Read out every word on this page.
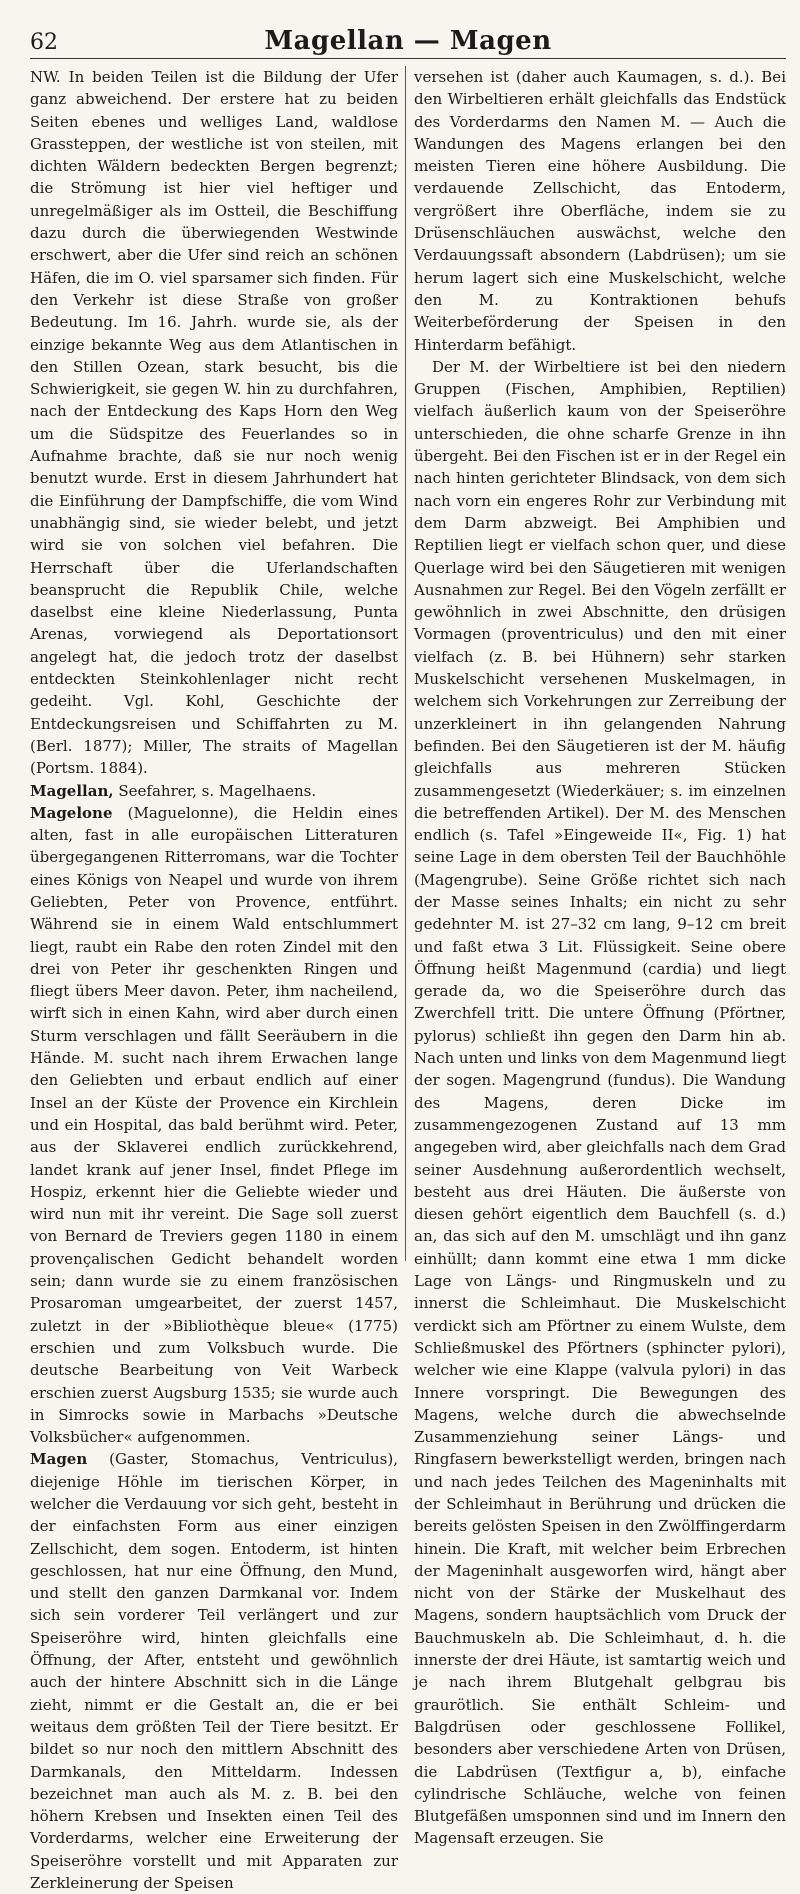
62	Magellan — Magen

NW. In beiden Teilen ist die Bildung der Ufer ganz abweichend. Der erstere hat zu beiden Seiten ebenes und welliges Land, waldlose Grassteppen, der westliche ist von steilen, mit dichten Wäldern bedeckten Bergen begrenzt; die Strömung ist hier viel heftiger und unregelmäßiger als im Ostteil, die Beschiffung dazu durch die überwiegenden Westwinde erschwert, aber die Ufer sind reich an schönen Häfen, die im O. viel sparsamer sich finden. Für den Verkehr ist diese Straße von großer Bedeutung. Im 16. Jahrh. wurde sie, als der einzige bekannte Weg aus dem Atlantischen in den Stillen Ozean, stark besucht, bis die Schwierigkeit, sie gegen W. hin zu durchfahren, nach der Entdeckung des Kaps Horn den Weg um die Südspitze des Feuerlandes so in Aufnahme brachte, daß sie nur noch wenig benutzt wurde. Erst in diesem Jahrhundert hat die Einführung der Dampfschiffe, die vom Wind unabhängig sind, sie wieder belebt, und jetzt wird sie von solchen viel befahren. Die Herrschaft über die Uferlandschaften beansprucht die Republik Chile, welche daselbst eine kleine Niederlassung, Punta Arenas, vorwiegend als Deportationsort angelegt hat, die jedoch trotz der daselbst entdeckten Steinkohlenlager nicht recht gedeiht. Vgl. Kohl, Geschichte der Entdeckungsreisen und Schiffahrten zu M. (Berl. 1877); Miller, The straits of Magellan (Portsm. 1884).

Magellan, Seefahrer, s. Magelhaens.

Magelone (Maguelonne), die Heldin eines alten, fast in alle europäischen Litteraturen übergegangenen Ritterromans, war die Tochter eines Königs von Neapel und wurde von ihrem Geliebten, Peter von Provence, entführt. Während sie in einem Wald entschlummert liegt, raubt ein Rabe den roten Zindel mit den drei von Peter ihr geschenkten Ringen und fliegt übers Meer davon. Peter, ihm nacheilend, wirft sich in einen Kahn, wird aber durch einen Sturm verschlagen und fällt Seeräubern in die Hände. M. sucht nach ihrem Erwachen lange den Geliebten und erbaut endlich auf einer Insel an der Küste der Provence ein Kirchlein und ein Hospital, das bald berühmt wird. Peter, aus der Sklaverei endlich zurückkehrend, landet krank auf jener Insel, findet Pflege im Hospiz, erkennt hier die Geliebte wieder und wird nun mit ihr vereint. Die Sage soll zuerst von Bernard de Treviers gegen 1180 in einem provençalischen Gedicht behandelt worden sein; dann wurde sie zu einem französischen Prosaroman umgearbeitet, der zuerst 1457, zuletzt in der »Bibliothèque bleue« (1775) erschien und zum Volksbuch wurde. Die deutsche Bearbeitung von Veit Warbeck erschien zuerst Augsburg 1535; sie wurde auch in Simrocks sowie in Marbachs »Deutsche Volksbücher« aufgenommen.

Magen (Gaster, Stomachus, Ventriculus), diejenige Höhle im tierischen Körper, in welcher die Verdauung vor sich geht, besteht in der einfachsten Form aus einer einzigen Zellschicht, dem sogen. Entoderm, ist hinten geschlossen, hat nur eine Öffnung, den Mund, und stellt den ganzen Darmkanal vor. Indem sich sein vorderer Teil verlängert und zur Speiseröhre wird, hinten gleichfalls eine Öffnung, der After, entsteht und gewöhnlich auch der hintere Abschnitt sich in die Länge zieht, nimmt er die Gestalt an, die er bei weitaus dem größten Teil der Tiere besitzt. Er bildet so nur noch den mittlern Abschnitt des Darmkanals, den Mitteldarm. Indessen bezeichnet man auch als M. z. B. bei den höhern Krebsen und Insekten einen Teil des Vorderdarms, welcher eine Erweiterung der Speiseröhre vorstellt und mit Apparaten zur Zerkleinerung der Speisen

versehen ist (daher auch Kaumagen, s. d.). Bei den Wirbeltieren erhält gleichfalls das Endstück des Vorderdarms den Namen M. — Auch die Wandungen des Magens erlangen bei den meisten Tieren eine höhere Ausbildung. Die verdauende Zellschicht, das Entoderm, vergrößert ihre Oberfläche, indem sie zu Drüsenschläuchen auswächst, welche den Verdauungssaft absondern (Labdrüsen); um sie herum lagert sich eine Muskelschicht, welche den M. zu Kontraktionen behufs Weiterbeförderung der Speisen in den Hinterdarm befähigt.

Der M. der Wirbeltiere ist bei den niedern Gruppen (Fischen, Amphibien, Reptilien) vielfach äußerlich kaum von der Speiseröhre unterschieden, die ohne scharfe Grenze in ihn übergeht. Bei den Fischen ist er in der Regel ein nach hinten gerichteter Blindsack, von dem sich nach vorn ein engeres Rohr zur Verbindung mit dem Darm abzweigt. Bei Amphibien und Reptilien liegt er vielfach schon quer, und diese Querlage wird bei den Säugetieren mit wenigen Ausnahmen zur Regel. Bei den Vögeln zerfällt er gewöhnlich in zwei Abschnitte, den drüsigen Vormagen (proventriculus) und den mit einer vielfach (z. B. bei Hühnern) sehr starken Muskelschicht versehenen Muskelmagen, in welchem sich Vorkehrungen zur Zerreibung der unzerkleinert in ihn gelangenden Nahrung befinden. Bei den Säugetieren ist der M. häufig gleichfalls aus mehreren Stücken zusammengesetzt (Wiederkäuer; s. im einzelnen die betreffenden Artikel). Der M. des Menschen endlich (s. Tafel »Eingeweide II«, Fig. 1) hat seine Lage in dem obersten Teil der Bauchhöhle (Magengrube). Seine Größe richtet sich nach der Masse seines Inhalts; ein nicht zu sehr gedehnter M. ist 27–32 cm lang, 9–12 cm breit und faßt etwa 3 Lit. Flüssigkeit. Seine obere Öffnung heißt Magenmund (cardia) und liegt gerade da, wo die Speiseröhre durch das Zwerchfell tritt. Die untere Öffnung (Pförtner, pylorus) schließt ihn gegen den Darm hin ab. Nach unten und links von dem Magenmund liegt der sogen. Magengrund (fundus). Die Wandung des Magens, deren Dicke im zusammengezogenen Zustand auf 13 mm angegeben wird, aber gleichfalls nach dem Grad seiner Ausdehnung außerordentlich wechselt, besteht aus drei Häuten. Die äußerste von diesen gehört eigentlich dem Bauchfell (s. d.) an, das sich auf den M. umschlägt und ihn ganz einhüllt; dann kommt eine etwa 1 mm dicke Lage von Längs- und Ringmuskeln und zu innerst die Schleimhaut. Die Muskelschicht verdickt sich am Pförtner zu einem Wulste, dem Schließmuskel des Pförtners (sphincter pylori), welcher wie eine Klappe (valvula pylori) in das Innere vorspringt. Die Bewegungen des Magens, welche durch die abwechselnde Zusammenziehung seiner Längs- und Ringfasern bewerkstelligt werden, bringen nach und nach jedes Teilchen des Mageninhalts mit der Schleimhaut in Berührung und drücken die bereits gelösten Speisen in den Zwölffingerdarm hinein. Die Kraft, mit welcher beim Erbrechen der Mageninhalt ausgeworfen wird, hängt aber nicht von der Stärke der Muskelhaut des Magens, sondern hauptsächlich vom Druck der Bauchmuskeln ab. Die Schleimhaut, d. h. die innerste der drei Häute, ist samtartig weich und je nach ihrem Blutgehalt gelbgrau bis graurötlich. Sie enthält Schleim- und Balgdrüsen oder geschlossene Follikel, besonders aber verschiedene Arten von Drüsen, die Labdrüsen (Textfigur a, b), einfache cylindrische Schläuche, welche von feinen Blutgefäßen umsponnen sind und im Innern den Magensaft erzeugen. Sie
